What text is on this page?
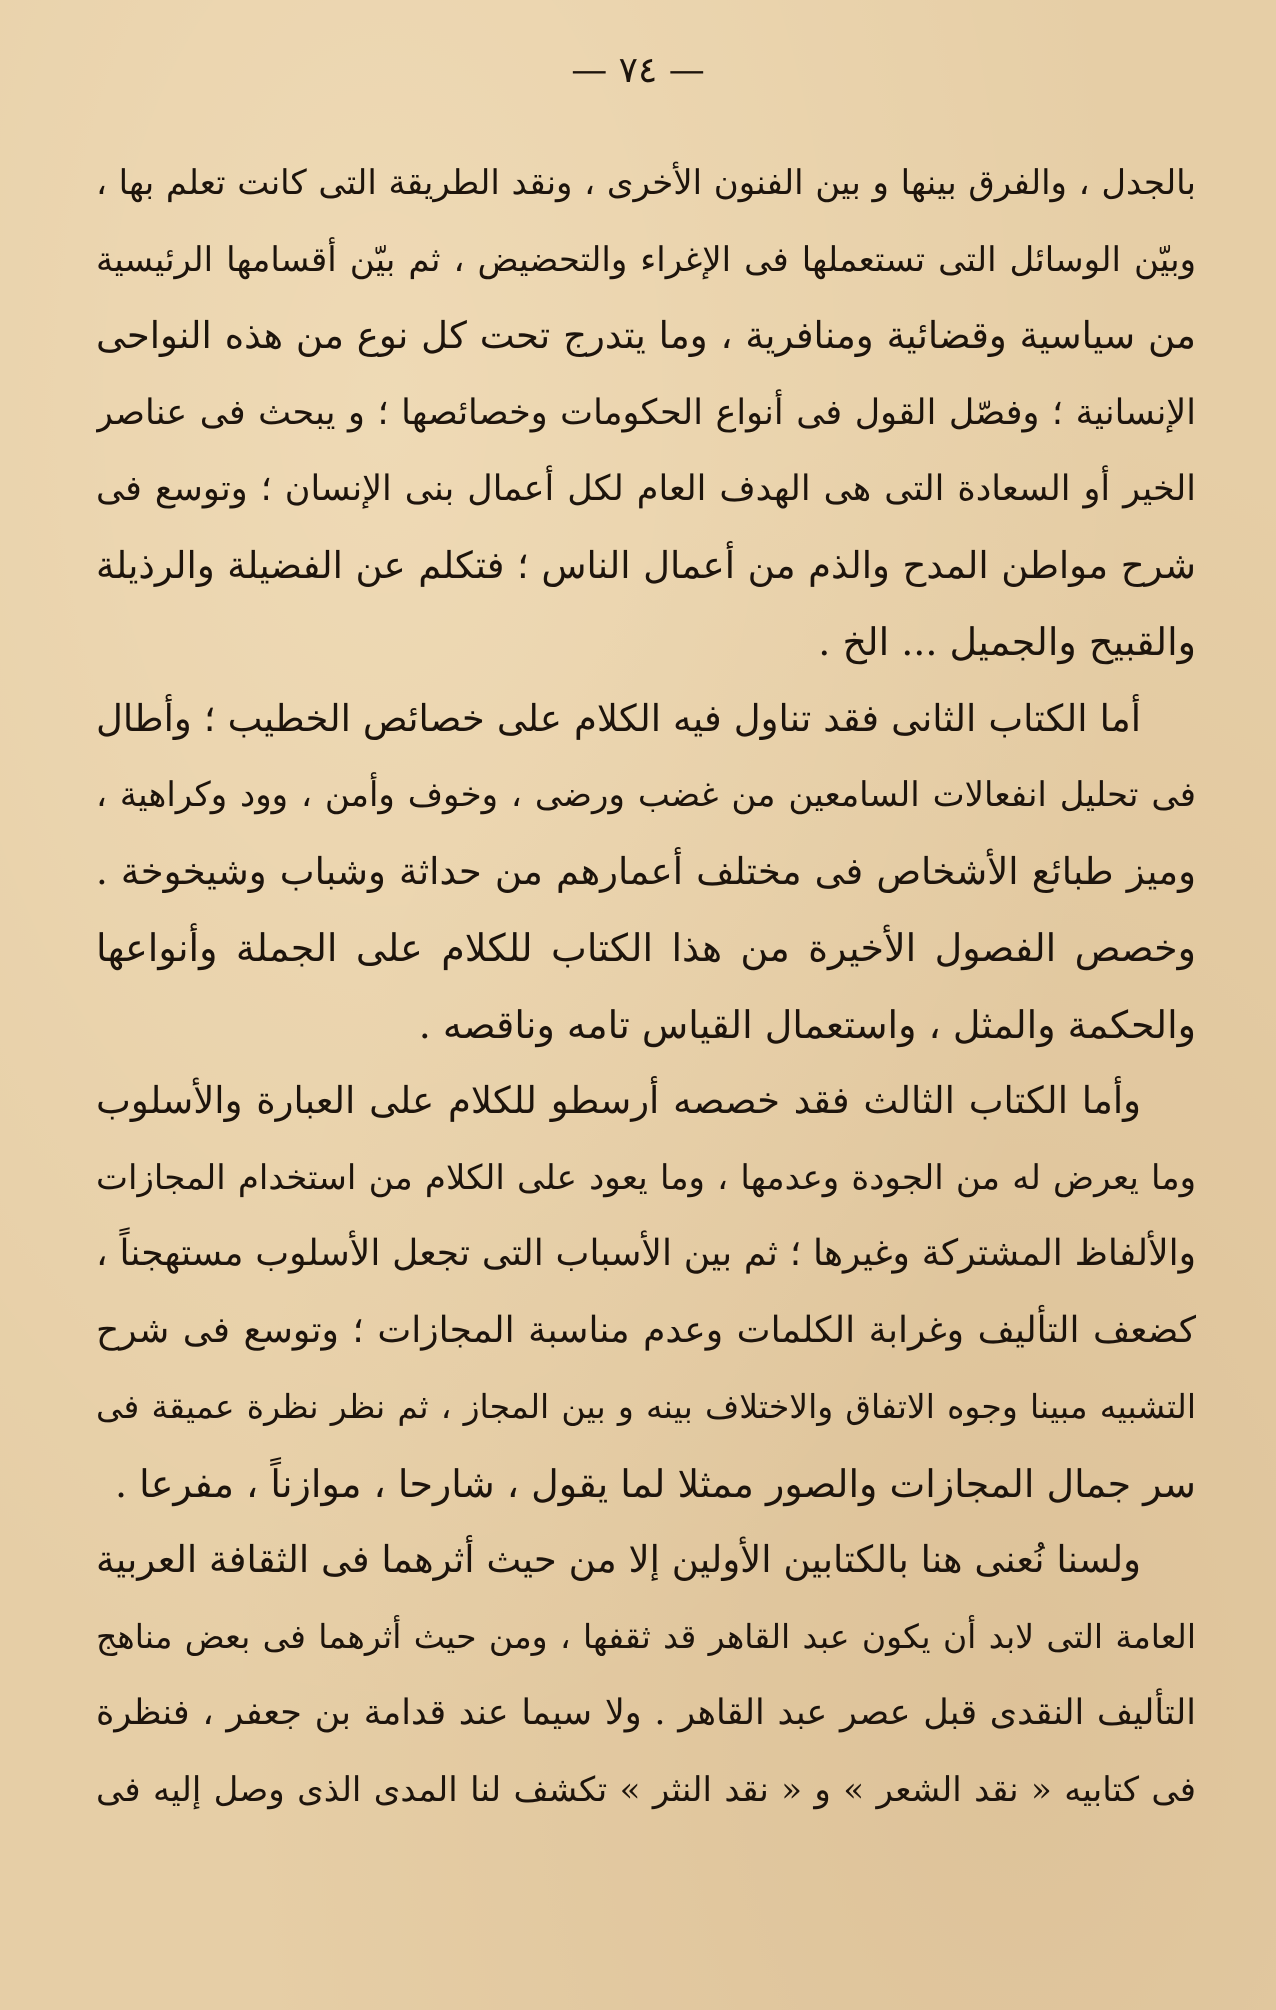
— ٧٤ —
بالجدل ، والفرق بينها و بين الفنون الأخرى ، ونقد الطريقة التى كانت تعلم بها ،
وبيّن الوسائل التى تستعملها فى الإغراء والتحضيض ، ثم بيّن أقسامها الرئيسية
من سياسية وقضائية ومنافرية ، وما يتدرج تحت كل نوع من هذه النواحى
الإنسانية ؛ وفصّل القول فى أنواع الحكومات وخصائصها ؛ و يبحث فى عناصر
الخير أو السعادة التى هى الهدف العام لكل أعمال بنى الإنسان ؛ وتوسع فى
شرح مواطن المدح والذم من أعمال الناس ؛ فتكلم عن الفضيلة والرذيلة
والقبيح والجميل ... الخ .
أما الكتاب الثانى فقد تناول فيه الكلام على خصائص الخطيب ؛ وأطال
فى تحليل انفعالات السامعين من غضب ورضى ، وخوف وأمن ، وود وكراهية ،
وميز طبائع الأشخاص فى مختلف أعمارهم من حداثة وشباب وشيخوخة .
وخصص الفصول الأخيرة من هذا الكتاب للكلام على الجملة وأنواعها
والحكمة والمثل ، واستعمال القياس تامه وناقصه .
وأما الكتاب الثالث فقد خصصه أرسطو للكلام على العبارة والأسلوب
وما يعرض له من الجودة وعدمها ، وما يعود على الكلام من استخدام المجازات
والألفاظ المشتركة وغيرها ؛ ثم بين الأسباب التى تجعل الأسلوب مستهجناً ،
كضعف التأليف وغرابة الكلمات وعدم مناسبة المجازات ؛ وتوسع فى شرح
التشبيه مبينا وجوه الاتفاق والاختلاف بينه و بين المجاز ، ثم نظر نظرة عميقة فى
سر جمال المجازات والصور ممثلا لما يقول ، شارحا ، موازناً ، مفرعا .
ولسنا نُعنى هنا بالكتابين الأولين إلا من حيث أثرهما فى الثقافة العربية
العامة التى لابد أن يكون عبد القاهر قد ثقفها ، ومن حيث أثرهما فى بعض مناهج
التأليف النقدى قبل عصر عبد القاهر . ولا سيما عند قدامة بن جعفر ، فنظرة
فى كتابيه « نقد الشعر » و « نقد النثر » تكشف لنا المدى الذى وصل إليه فى
